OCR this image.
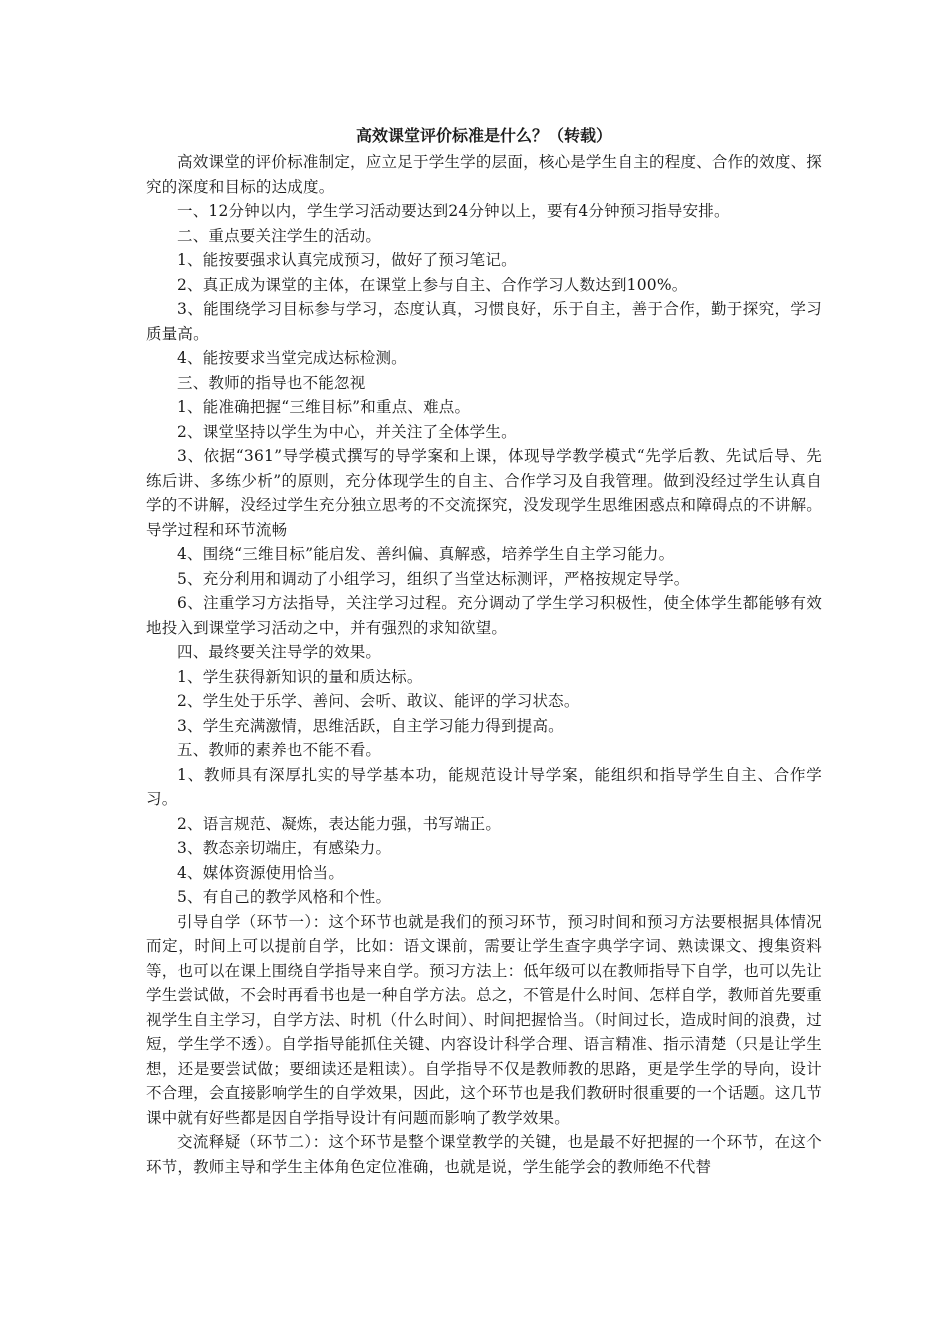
高效课堂评价标准是什么？（转载）

高效课堂的评价标准制定，应立足于学生学的层面，核心是学生自主的程度、合作的效度、探究的深度和目标的达成度。

一、12分钟以内，学生学习活动要达到24分钟以上，要有4分钟预习指导安排。

二、重点要关注学生的活动。

1、能按要强求认真完成预习，做好了预习笔记。

2、真正成为课堂的主体，在课堂上参与自主、合作学习人数达到100%。

3、能围绕学习目标参与学习，态度认真，习惯良好，乐于自主，善于合作，勤于探究，学习质量高。

4、能按要求当堂完成达标检测。

三、教师的指导也不能忽视

1、能准确把握“三维目标”和重点、难点。

2、课堂坚持以学生为中心，并关注了全体学生。

3、依据“361”导学模式撰写的导学案和上课，体现导学教学模式“先学后教、先试后导、先练后讲、多练少析”的原则，充分体现学生的自主、合作学习及自我管理。做到没经过学生认真自学的不讲解，没经过学生充分独立思考的不交流探究，没发现学生思维困惑点和障碍点的不讲解。导学过程和环节流畅

4、围绕“三维目标”能启发、善纠偏、真解惑，培养学生自主学习能力。

5、充分利用和调动了小组学习，组织了当堂达标测评，严格按规定导学。

6、注重学习方法指导，关注学习过程。充分调动了学生学习积极性，使全体学生都能够有效地投入到课堂学习活动之中，并有强烈的求知欲望。

四、最终要关注导学的效果。

1、学生获得新知识的量和质达标。

2、学生处于乐学、善问、会听、敢议、能评的学习状态。

3、学生充满激情，思维活跃，自主学习能力得到提高。

五、教师的素养也不能不看。

1、教师具有深厚扎实的导学基本功，能规范设计导学案，能组织和指导学生自主、合作学习。

2、语言规范、凝炼，表达能力强，书写端正。

3、教态亲切端庄，有感染力。

4、媒体资源使用恰当。

5、有自己的教学风格和个性。

引导自学（环节一）：这个环节也就是我们的预习环节，预习时间和预习方法要根据具体情况而定，时间上可以提前自学，比如：语文课前，需要让学生查字典学字词、熟读课文、搜集资料等，也可以在课上围绕自学指导来自学。预习方法上：低年级可以在教师指导下自学，也可以先让学生尝试做，不会时再看书也是一种自学方法。总之，不管是什么时间、怎样自学，教师首先要重视学生自主学习，自学方法、时机（什么时间）、时间把握恰当。（时间过长，造成时间的浪费，过短，学生学不透）。自学指导能抓住关键、内容设计科学合理、语言精准、指示清楚（只是让学生想，还是要尝试做；要细读还是粗读）。自学指导不仅是教师教的思路，更是学生学的导向，设计不合理，会直接影响学生的自学效果，因此，这个环节也是我们教研时很重要的一个话题。这几节课中就有好些都是因自学指导设计有问题而影响了教学效果。

交流释疑（环节二）：这个环节是整个课堂教学的关键，也是最不好把握的一个环节，在这个环节，教师主导和学生主体角色定位准确，也就是说，学生能学会的教师绝不代替
